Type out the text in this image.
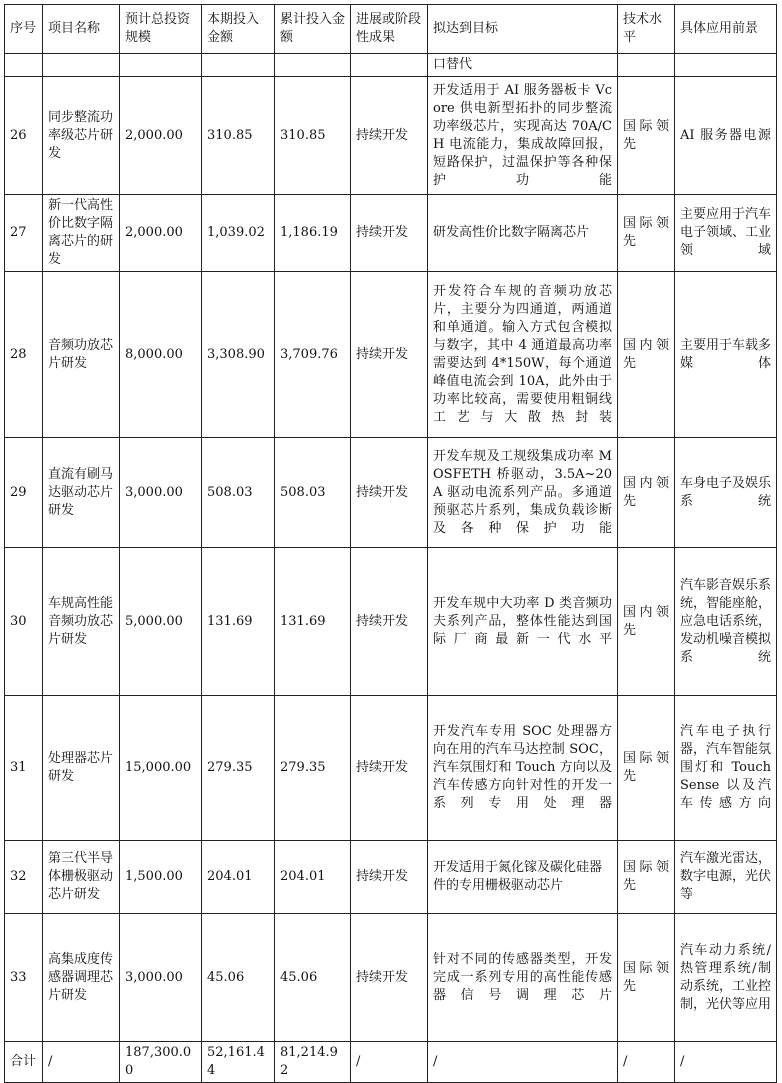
序号	项目名称	预计总投资规模	本期投入金额	累计投入金额	进展或阶段性成果	拟达到目标	技术水平	具体应用前景
						口替代		
26	同步整流功率级芯片研发	2,000.00	310.85	310.85	持续开发	开发适用于 AI 服务器板卡 Vcore 供电新型拓扑的同步整流功率级芯片，实现高达 70A/CH 电流能力，集成故障回报，短路保护，过温保护等各种保护功能	国际领先	AI 服务器电源
27	新一代高性价比数字隔离芯片的研发	2,000.00	1,039.02	1,186.19	持续开发	研发高性价比数字隔离芯片	国际领先	主要应用于汽车电子领域、工业领域
28	音频功放芯片研发	8,000.00	3,308.90	3,709.76	持续开发	开发符合车规的音频功放芯片，主要分为四通道，两通道和单通道。输入方式包含模拟与数字，其中 4 通道最高功率需要达到 4*150W，每个通道峰值电流会到 10A，此外由于功率比较高，需要使用粗铜线工艺与大散热封装	国内领先	主要用于车载多媒体
29	直流有刷马达驱动芯片研发	3,000.00	508.03	508.03	持续开发	开发车规及工规级集成功率 MOSFETH 桥驱动，3.5A~20A 驱动电流系列产品。多通道预驱芯片系列，集成负载诊断及各种保护功能	国内领先	车身电子及娱乐系统
30	车规高性能音频功放芯片研发	5,000.00	131.69	131.69	持续开发	开发车规中大功率 D 类音频功夫系列产品，整体性能达到国际厂商最新一代水平	国内领先	汽车影音娱乐系统，智能座舱，应急电话系统，发动机噪音模拟系统
31	处理器芯片研发	15,000.00	279.35	279.35	持续开发	开发汽车专用 SOC 处理器方向在用的汽车马达控制 SOC，汽车氛围灯和 Touch 方向以及汽车传感方向针对性的开发一系列专用处理器	国际领先	汽车电子执行器，汽车智能氛围灯和 Touch Sense 以及汽车传感方向
32	第三代半导体栅极驱动芯片研发	1,500.00	204.01	204.01	持续开发	开发适用于氮化镓及碳化硅器件的专用栅极驱动芯片	国际领先	汽车激光雷达，数字电源，光伏等
33	高集成度传感器调理芯片研发	3,000.00	45.06	45.06	持续开发	针对不同的传感器类型，开发完成一系列专用的高性能传感器信号调理芯片	国际领先	汽车动力系统/热管理系统/制动系统，工业控制，光伏等应用
合计	/	187,300.00	52,161.44	81,214.92	/	/	/	/
